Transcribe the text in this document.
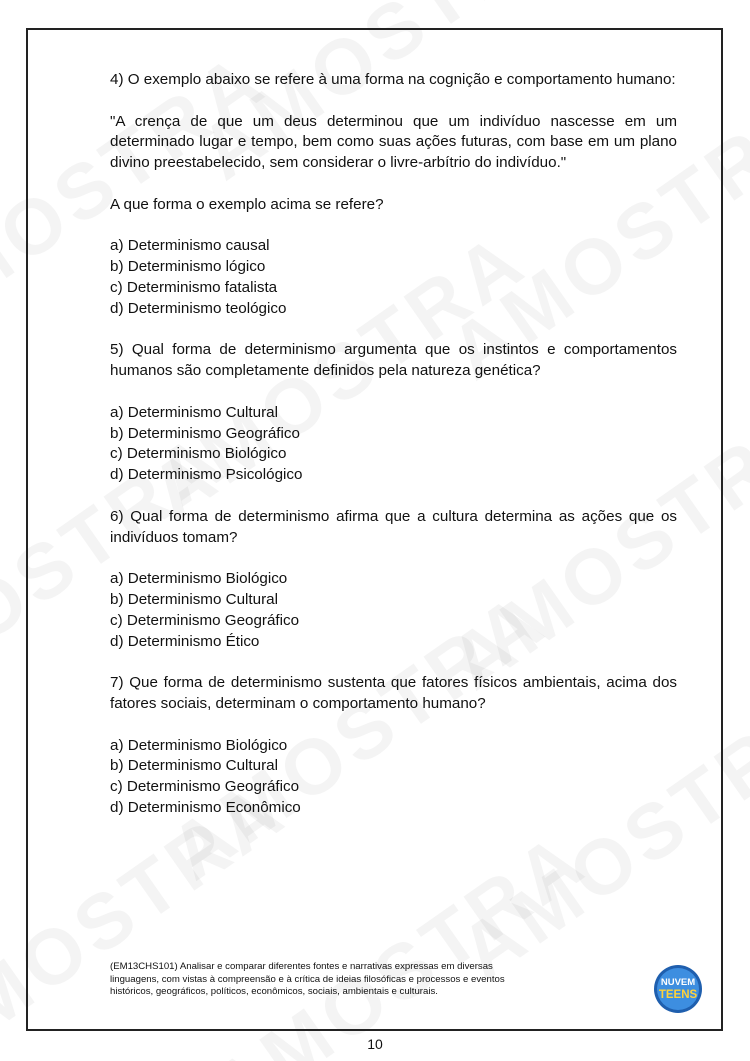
4) O exemplo abaixo se refere à uma forma na cognição e comportamento humano:

"A crença de que um deus determinou que um indivíduo nascesse em um determinado lugar e tempo, bem como suas ações futuras, com base em um plano divino preestabelecido, sem considerar o livre-arbítrio do indivíduo."

A que forma o exemplo acima se refere?

a) Determinismo causal
b) Determinismo lógico
c) Determinismo fatalista
d) Determinismo teológico

5) Qual forma de determinismo argumenta que os instintos e comportamentos humanos são completamente definidos pela natureza genética?

a) Determinismo Cultural
b) Determinismo Geográfico
c) Determinismo Biológico
d) Determinismo Psicológico

6) Qual forma de determinismo afirma que a cultura determina as ações que os indivíduos tomam?

a) Determinismo Biológico
b) Determinismo Cultural
c) Determinismo Geográfico
d) Determinismo Ético

7) Que forma de determinismo sustenta que fatores físicos ambientais, acima dos fatores sociais, determinam o comportamento humano?

a) Determinismo Biológico
b) Determinismo Cultural
c) Determinismo Geográfico
d) Determinismo Econômico
(EM13CHS101) Analisar e comparar diferentes fontes e narrativas expressas em diversas linguagens, com vistas à compreensão e à crítica de ideias filosóficas e processos e eventos históricos, geográficos, políticos, econômicos, sociais, ambientais e culturais.
NUVEM
TEENS
10
